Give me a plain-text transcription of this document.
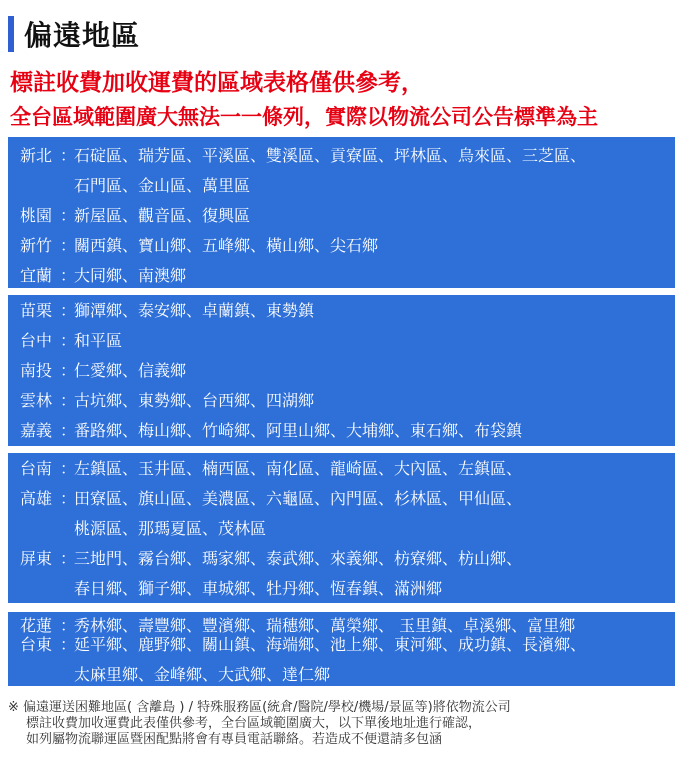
偏遠地區
標註收費加收運費的區域表格僅供參考，
全台區域範圍廣大無法一一條列，實際以物流公司公告標準為主
新北 ：
石碇區、瑞芳區、平溪區、雙溪區、貢寮區、坪林區、烏來區、三芝區、
石門區、金山區、萬里區
桃園 ：
新屋區、觀音區、復興區
新竹 ：
關西鎮、寶山鄉、五峰鄉、橫山鄉、尖石鄉
宜蘭 ：
大同鄉、南澳鄉
苗栗 ：
獅潭鄉、泰安鄉、卓蘭鎮、東勢鎮
台中 ：
和平區
南投 ：
仁愛鄉、信義鄉
雲林 ：
古坑鄉、東勢鄉、台西鄉、四湖鄉
嘉義 ：
番路鄉、梅山鄉、竹崎鄉、阿里山鄉、大埔鄉、東石鄉、布袋鎮
台南 ：
左鎮區、玉井區、楠西區、南化區、龍崎區、大內區、左鎮區、
高雄 ：
田寮區、旗山區、美濃區、六龜區、內門區、杉林區、甲仙區、
桃源區、那瑪夏區、茂林區
屏東 ：
三地門、霧台鄉、瑪家鄉、泰武鄉、來義鄉、枋寮鄉、枋山鄉、
春日鄉、獅子鄉、車城鄉、牡丹鄉、恆春鎮、滿洲鄉
花蓮 ：
秀林鄉、壽豐鄉、豐濱鄉、瑞穗鄉、萬榮鄉、 玉里鎮、卓溪鄉、富里鄉
台東 ：
延平鄉、鹿野鄉、關山鎮、海端鄉、池上鄉、東河鄉、成功鎮、長濱鄉、
太麻里鄉、金峰鄉、大武鄉、達仁鄉
※ 偏遠運送困難地區( 含離島 ) / 特殊服務區(統倉/醫院/學校/機場/景區等)將依物流公司
標註收費加收運費此表僅供參考，全台區域範圍廣大，以下單後地址進行確認，
如列屬物流聯運區暨困配點將會有專員電話聯絡。若造成不便還請多包涵
